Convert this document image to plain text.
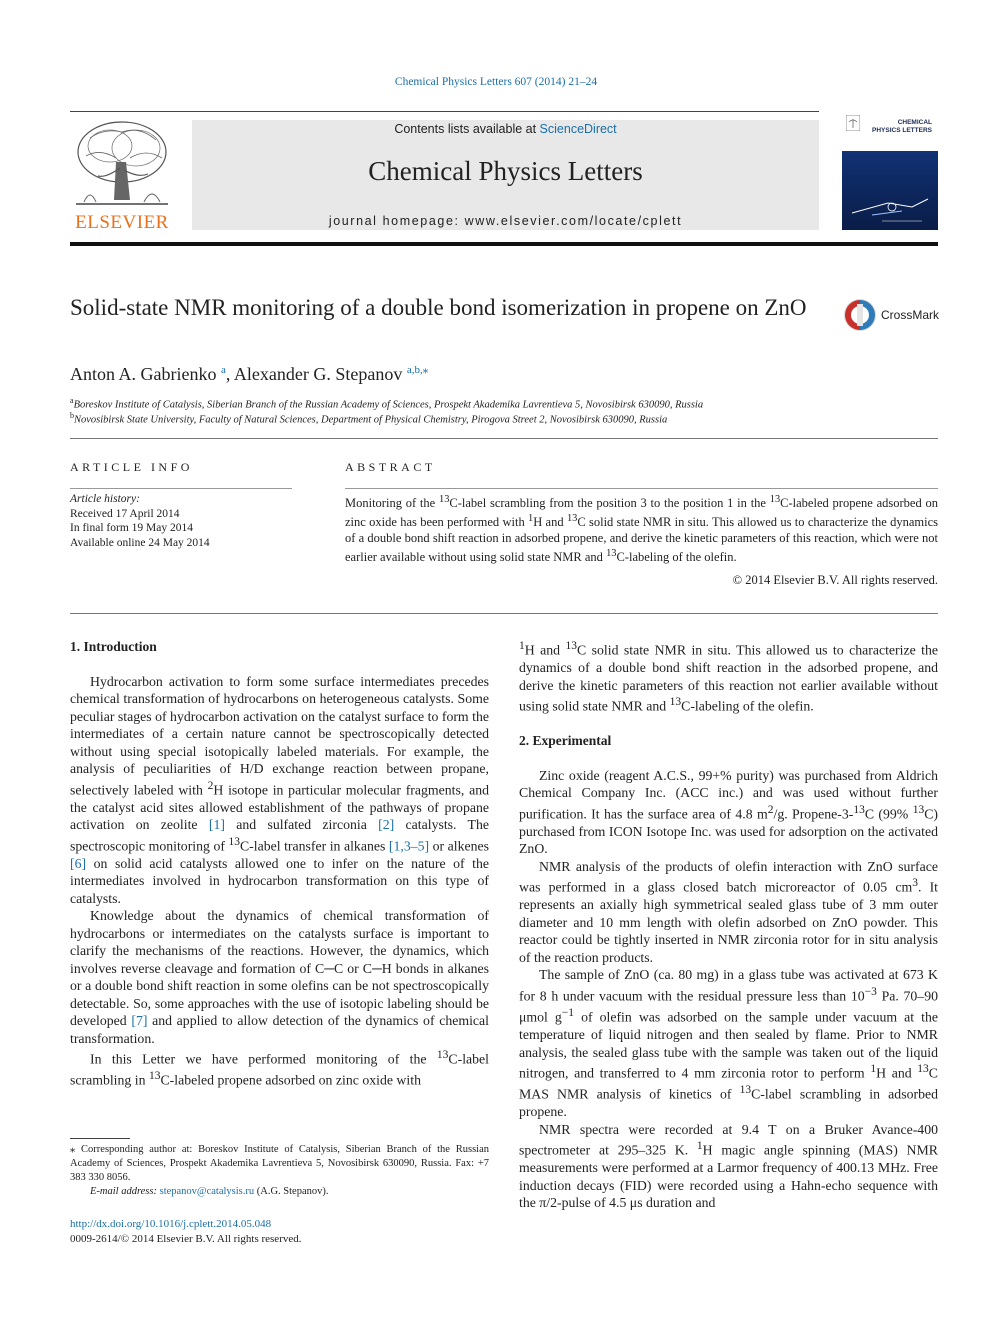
Chemical Physics Letters 607 (2014) 21–24
ELSEVIER
Contents lists available at ScienceDirect
Chemical Physics Letters
journal homepage: www.elsevier.com/locate/cplett
CHEMICAL PHYSICS LETTERS
Solid-state NMR monitoring of a double bond isomerization in propene on ZnO	CrossMark
Anton A. Gabrienko $^a$, Alexander G. Stepanov $^{a,b,⁎}$
$^a$Boreskov Institute of Catalysis, Siberian Branch of the Russian Academy of Sciences, Prospekt Akademika Lavrentieva 5, Novosibirsk 630090, Russia
$^b$Novosibirsk State University, Faculty of Natural Sciences, Department of Physical Chemistry, Pirogova Street 2, Novosibirsk 630090, Russia
ARTICLE INFO
Article history:
Received 17 April 2014
In final form 19 May 2014
Available online 24 May 2014
ABSTRACT
Monitoring of the $^{13}$C-label scrambling from the position 3 to the position 1 in the $^{13}$C-labeled propene adsorbed on zinc oxide has been performed with $^1$H and $^{13}$C solid state NMR in situ. This allowed us to characterize the dynamics of a double bond shift reaction in adsorbed propene, and derive the kinetic parameters of this reaction, which were not earlier available without using solid state NMR and $^{13}$C-labeling of the olefin.
© 2014 Elsevier B.V. All rights reserved.
1. Introduction

Hydrocarbon activation to form some surface intermediates precedes chemical transformation of hydrocarbons on heterogeneous catalysts. Some peculiar stages of hydrocarbon activation on the catalyst surface to form the intermediates of a certain nature cannot be spectroscopically detected without using special isotopically labeled materials. For example, the analysis of peculiarities of H/D exchange reaction between propane, selectively labeled with $^2$H isotope in particular molecular fragments, and the catalyst acid sites allowed establishment of the pathways of propane activation on zeolite [1] and sulfated zirconia [2] catalysts. The spectroscopic monitoring of $^{13}$C-label transfer in alkanes [1,3–5] or alkenes [6] on solid acid catalysts allowed one to infer on the nature of the intermediates involved in hydrocarbon transformation on this type of catalysts.

Knowledge about the dynamics of chemical transformation of hydrocarbons or intermediates on the catalysts surface is important to clarify the mechanisms of the reactions. However, the dynamics, which involves reverse cleavage and formation of C─C or C─H bonds in alkanes or a double bond shift reaction in some olefins can be not spectroscopically detectable. So, some approaches with the use of isotopic labeling should be developed [7] and applied to allow detection of the dynamics of chemical transformation.

In this Letter we have performed monitoring of the $^{13}$C-label scrambling in $^{13}$C-labeled propene adsorbed on zinc oxide with

⁎ Corresponding author at: Boreskov Institute of Catalysis, Siberian Branch of the Russian Academy of Sciences, Prospekt Akademika Lavrentieva 5, Novosibirsk 630090, Russia. Fax: +7 383 330 8056.
E-mail address: stepanov@catalysis.ru (A.G. Stepanov).
http://dx.doi.org/10.1016/j.cplett.2014.05.048
0009-2614/© 2014 Elsevier B.V. All rights reserved.

$^1$H and $^{13}$C solid state NMR in situ. This allowed us to characterize the dynamics of a double bond shift reaction in the adsorbed propene, and derive the kinetic parameters of this reaction not earlier available without using solid state NMR and $^{13}$C-labeling of the olefin.

2. Experimental

Zinc oxide (reagent A.C.S., 99+% purity) was purchased from Aldrich Chemical Company Inc. (ACC inc.) and was used without further purification. It has the surface area of 4.8 $m^2/g$. Propene-3-$^{13}$C (99% $^{13}$C) purchased from ICON Isotope Inc. was used for adsorption on the activated ZnO.

NMR analysis of the products of olefin interaction with ZnO surface was performed in a glass closed batch microreactor of 0.05 $cm^3$. It represents an axially high symmetrical sealed glass tube of 3 mm outer diameter and 10 mm length with olefin adsorbed on ZnO powder. This reactor could be tightly inserted in NMR zirconia rotor for in situ analysis of the reaction products.

The sample of ZnO (ca. 80 mg) in a glass tube was activated at 673 K for 8 h under vacuum with the residual pressure less than $10^{-3}$ Pa. 70–90 μmol $g^{-1}$ of olefin was adsorbed on the sample under vacuum at the temperature of liquid nitrogen and then sealed by flame. Prior to NMR analysis, the sealed glass tube with the sample was taken out of the liquid nitrogen, and transferred to 4 mm zirconia rotor to perform $^1$H and $^{13}$C MAS NMR analysis of kinetics of $^{13}$C-label scrambling in adsorbed propene.

NMR spectra were recorded at 9.4 T on a Bruker Avance-400 spectrometer at 295–325 K. $^1$H magic angle spinning (MAS) NMR measurements were performed at a Larmor frequency of 400.13 MHz. Free induction decays (FID) were recorded using a Hahn-echo sequence with the π/2-pulse of 4.5 μs duration and
